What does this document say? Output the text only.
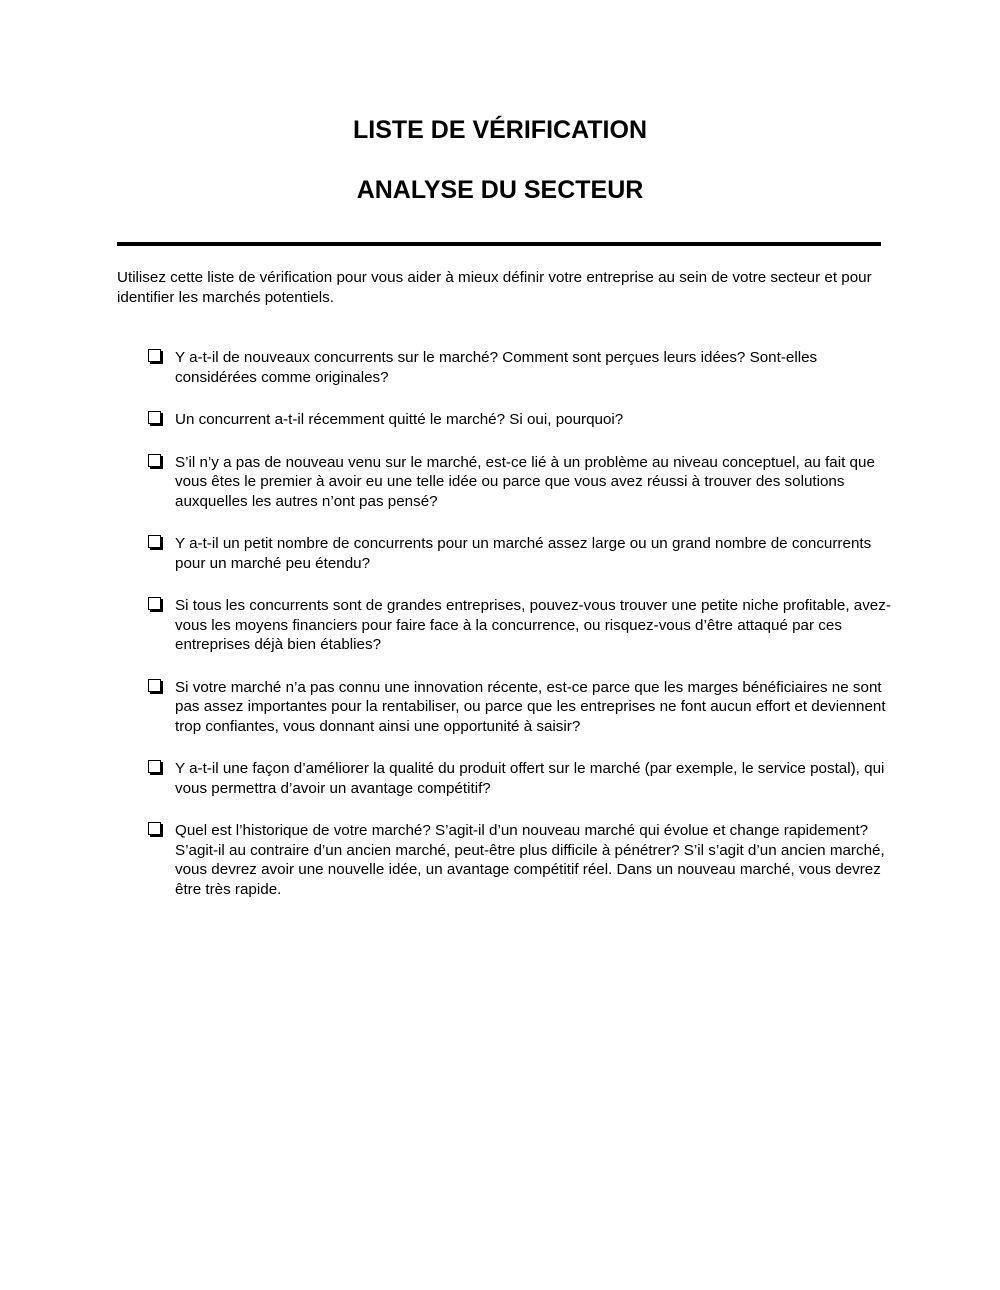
LISTE DE VÉRIFICATION
ANALYSE DU SECTEUR
Utilisez cette liste de vérification pour vous aider à mieux définir votre entreprise au sein de votre secteur et pour identifier les marchés potentiels.
Y a-t-il de nouveaux concurrents sur le marché? Comment sont perçues leurs idées? Sont-elles considérées comme originales?
Un concurrent a-t-il récemment quitté le marché? Si oui, pourquoi?
S’il n’y a pas de nouveau venu sur le marché, est-ce lié à un problème au niveau conceptuel, au fait que vous êtes le premier à avoir eu une telle idée ou parce que vous avez réussi à trouver des solutions auxquelles les autres n’ont pas pensé?
Y a-t-il un petit nombre de concurrents pour un marché assez large ou un grand nombre de concurrents pour un marché peu étendu?
Si tous les concurrents sont de grandes entreprises, pouvez-vous trouver une petite niche profitable, avez-vous les moyens financiers pour faire face à la concurrence, ou risquez-vous d’être attaqué par ces entreprises déjà bien établies?
Si votre marché n’a pas connu une innovation récente, est-ce parce que les marges bénéficiaires ne sont pas assez importantes pour la rentabiliser, ou parce que les entreprises ne font aucun effort et deviennent trop confiantes, vous donnant ainsi une opportunité à saisir?
Y a-t-il une façon d’améliorer la qualité du produit offert sur le marché (par exemple, le service postal), qui vous permettra d’avoir un avantage compétitif?
Quel est l’historique de votre marché? S’agit-il d’un nouveau marché qui évolue et change rapidement? S’agit-il au contraire d’un ancien marché, peut-être plus difficile à pénétrer? S’il s’agit d’un ancien marché, vous devrez avoir une nouvelle idée, un avantage compétitif réel. Dans un nouveau marché, vous devrez être très rapide.
